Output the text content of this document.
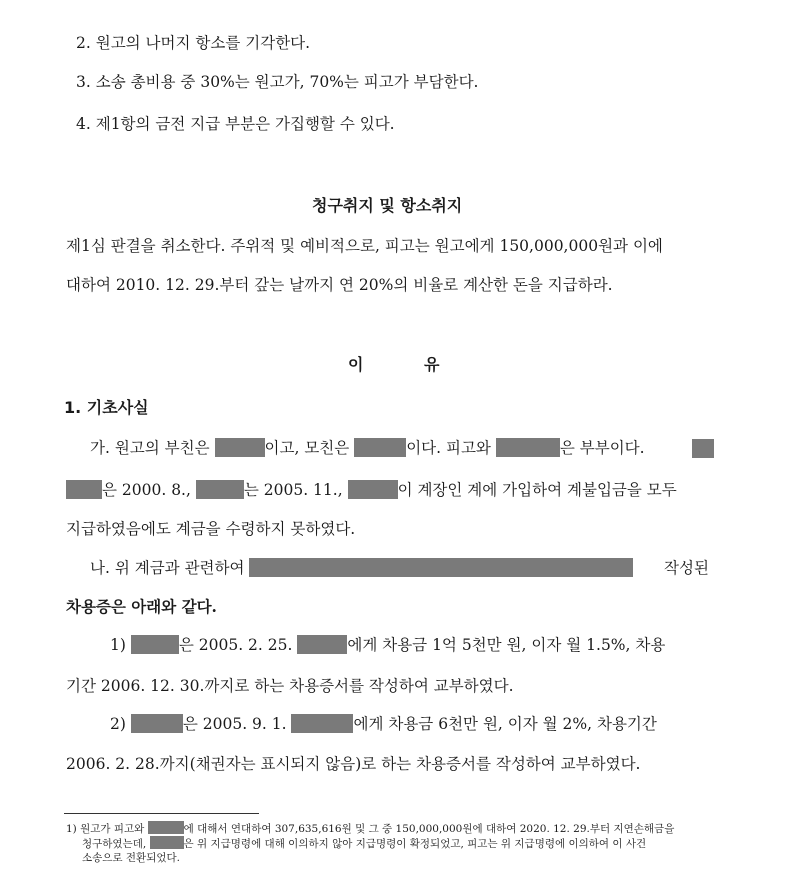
2. 원고의 나머지 항소를 기각한다.
3. 소송 총비용 중 30%는 원고가, 70%는 피고가 부담한다.
4. 제1항의 금전 지급 부분은 가집행할 수 있다.
청구취지 및 항소취지
제1심 판결을 취소한다. 주위적 및 예비적으로, 피고는 원고에게 150,000,000원과 이에
대하여 2010. 12. 29.부터 갚는 날까지 연 20%의 비율로 계산한 돈을 지급하라.
이	유
1. 기초사실
가. 원고의 부친은	이고, 모친은	이다. 피고와	은 부부이다.
은 2000. 8.,	는 2005. 11.,	이 계장인 계에 가입하여 계불입금을 모두
지급하였음에도 계금을 수령하지 못하였다.
나. 위 계금과 관련하여	작성된
차용증은 아래와 같다.
1)	은 2005. 2. 25.	에게 차용금 1억 5천만 원, 이자 월 1.5%, 차용
기간 2006. 12. 30.까지로 하는 차용증서를 작성하여 교부하였다.
2)	은 2005. 9. 1.	에게 차용금 6천만 원, 이자 월 2%, 차용기간
2006. 2. 28.까지(채권자는 표시되지 않음)로 하는 차용증서를 작성하여 교부하였다.
1) 원고가 피고와	에 대해서 연대하여 307,635,616원 및 그 중 150,000,000원에 대하여 2020. 12. 29.부터 지연손해금을
청구하였는데,	은 위 지급명령에 대해 이의하지 않아 지급명령이 확정되었고, 피고는 위 지급명령에 이의하여 이 사건
소송으로 전환되었다.
